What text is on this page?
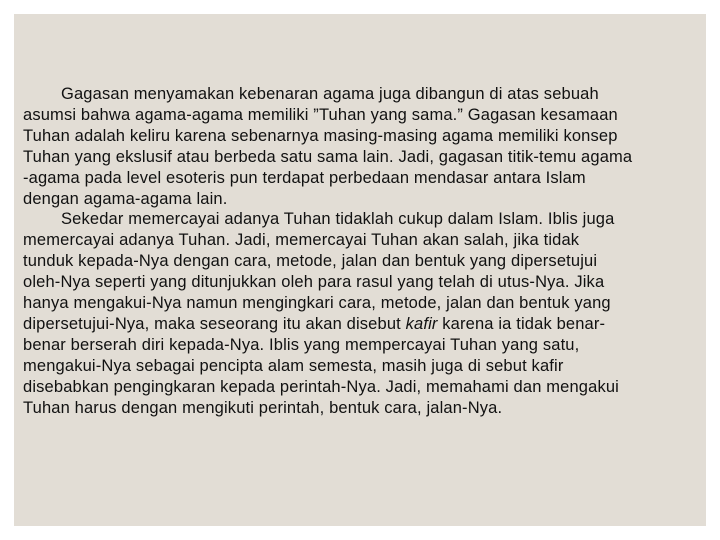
Gagasan menyamakan kebenaran agama juga dibangun di atas sebuah
asumsi bahwa agama-agama memiliki ”Tuhan yang sama.” Gagasan kesamaan
Tuhan adalah keliru karena sebenarnya masing-masing agama memiliki konsep
Tuhan yang ekslusif atau berbeda satu sama lain. Jadi, gagasan titik-temu agama
-agama pada level esoteris pun terdapat perbedaan mendasar antara Islam
dengan agama-agama lain.
Sekedar memercayai adanya Tuhan tidaklah cukup dalam Islam. Iblis juga
memercayai adanya Tuhan. Jadi, memercayai Tuhan akan salah, jika tidak
tunduk kepada-Nya dengan cara, metode, jalan dan bentuk yang dipersetujui
oleh-Nya seperti yang ditunjukkan oleh para rasul yang telah di utus-Nya. Jika
hanya mengakui-Nya namun mengingkari cara, metode, jalan dan bentuk yang
dipersetujui-Nya, maka seseorang itu akan disebut kafir karena ia tidak benar-
benar berserah diri kepada-Nya. Iblis yang mempercayai Tuhan yang satu,
mengakui-Nya sebagai pencipta alam semesta, masih juga di sebut kafir
disebabkan pengingkaran kepada perintah-Nya. Jadi, memahami dan mengakui
Tuhan harus dengan mengikuti perintah, bentuk cara, jalan-Nya.
